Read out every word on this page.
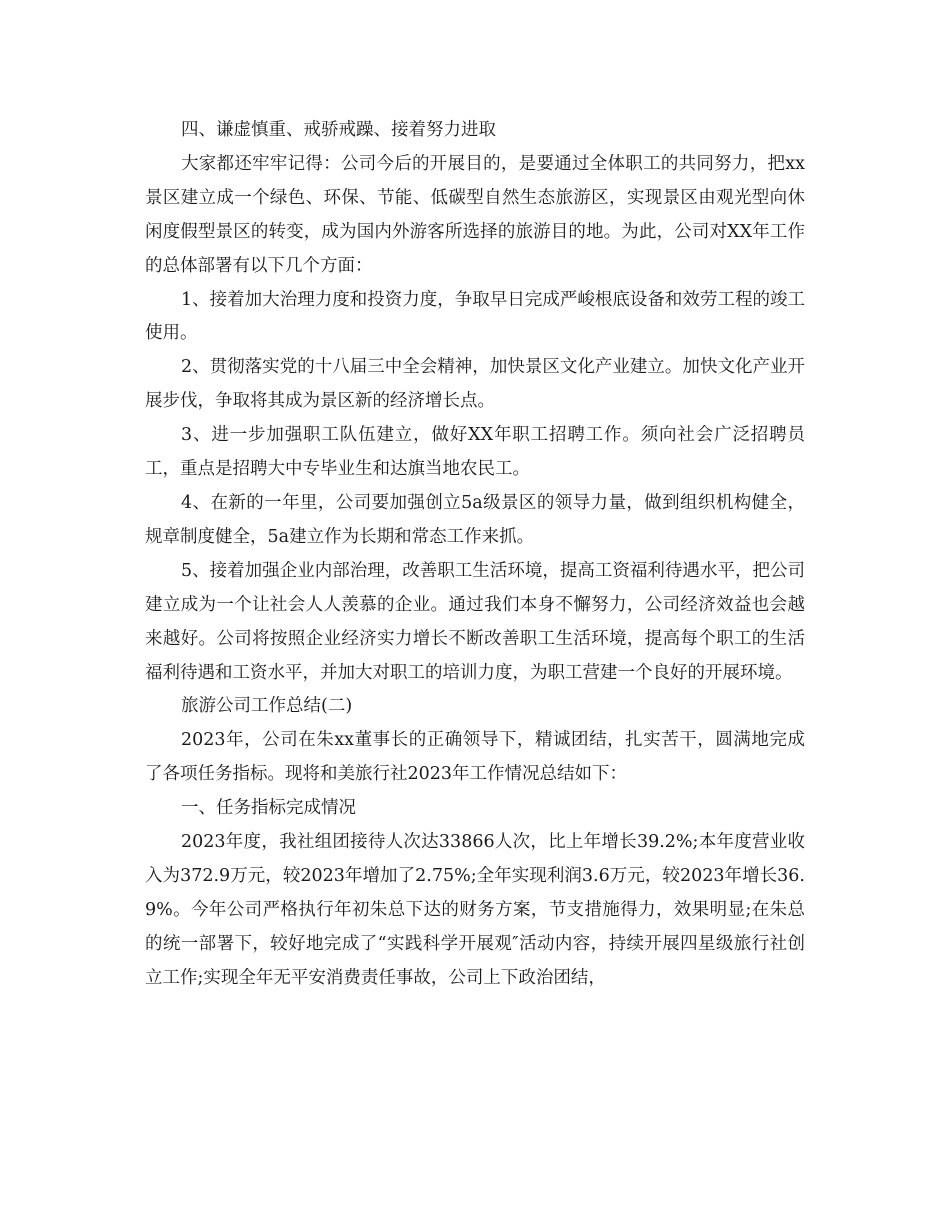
四、谦虚慎重、戒骄戒躁、接着努力进取

大家都还牢牢记得：公司今后的开展目的，是要通过全体职工的共同努力，把xx景区建立成一个绿色、环保、节能、低碳型自然生态旅游区，实现景区由观光型向休闲度假型景区的转变，成为国内外游客所选择的旅游目的地。为此，公司对XX年工作的总体部署有以下几个方面：

1、接着加大治理力度和投资力度，争取早日完成严峻根底设备和效劳工程的竣工使用。

2、贯彻落实党的十八届三中全会精神，加快景区文化产业建立。加快文化产业开展步伐，争取将其成为景区新的经济增长点。

3、进一步加强职工队伍建立，做好XX年职工招聘工作。须向社会广泛招聘员工，重点是招聘大中专毕业生和达旗当地农民工。

4、在新的一年里，公司要加强创立5a级景区的领导力量，做到组织机构健全，规章制度健全，5a建立作为长期和常态工作来抓。

5、接着加强企业内部治理，改善职工生活环境，提高工资福利待遇水平，把公司建立成为一个让社会人人羡慕的企业。通过我们本身不懈努力，公司经济效益也会越来越好。公司将按照企业经济实力增长不断改善职工生活环境，提高每个职工的生活福利待遇和工资水平，并加大对职工的培训力度，为职工营建一个良好的开展环境。

旅游公司工作总结(二)

2023年，公司在朱xx董事长的正确领导下，精诚团结，扎实苦干，圆满地完成了各项任务指标。现将和美旅行社2023年工作情况总结如下：

一、任务指标完成情况

2023年度，我社组团接待人次达33866人次，比上年增长39.2%;本年度营业收入为372.9万元，较2023年增加了2.75%;全年实现利润3.6万元，较2023年增长36.9%。今年公司严格执行年初朱总下达的财务方案，节支措施得力，效果明显;在朱总的统一部署下，较好地完成了“实践科学开展观″活动内容，持续开展四星级旅行社创立工作;实现全年无平安消费责任事故，公司上下政治团结，
